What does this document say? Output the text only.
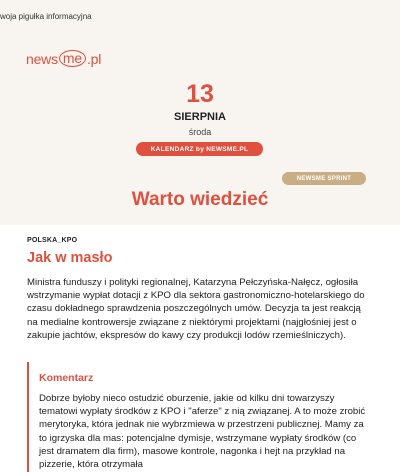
woja pigułka informacyjna
news me .pl
13
SIERPNIA
środa
KALENDARZ by NEWSME.PL
NEWSME SPRINT
Warto wiedzieć
POLSKA_KPO
Jak w masło
Ministra funduszy i polityki regionalnej, Katarzyna Pełczyńska-Nałęcz, ogłosiła wstrzymanie wypłat dotacji z KPO dla sektora gastronomiczno-hotelarskiego do czasu dokładnego sprawdzenia poszczególnych umów. Decyzja ta jest reakcją na medialne kontrowersje związane z niektórymi projektami (najgłośniej jest o zakupie jachtów, ekspresów do kawy czy produkcji lodów rzemieślniczych).
Komentarz
Dobrze byłoby nieco ostudzić oburzenie, jakie od kilku dni towarzyszy tematowi wypłaty środków z KPO i "aferze" z nią związanej. A to może zrobić merytoryka, która jednak nie wybrzmiewa w przestrzeni publicznej. Mamy za to igrzyska dla mas: potencjalne dymisje, wstrzymane wypłaty środków (co jest dramatem dla firm), masowe kontrole, nagonka i hejt na przykład na pizzerie, która otrzymała
